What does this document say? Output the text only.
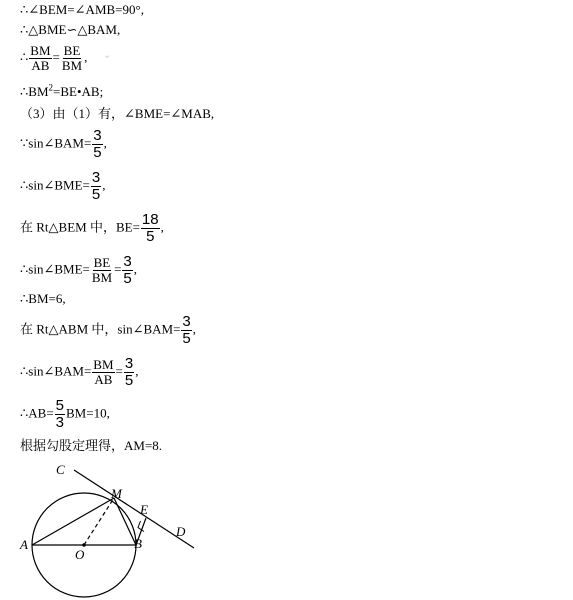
∴∠BEM=∠AMB=90°,
∴△BME∽△BAM,
∴ $\frac{BM}{AB} = \frac{BE}{BM}$ , ᵕ
$\therefore BM^2=BE•AB$;
（3）由（1）有，∠BME=∠MAB,
∵sin∠BAM= $\frac{3}{5}$ ,
∴sin∠BME= $\frac{3}{5}$ ,
在 Rt△BEM 中，$BE= \frac{18}{5}$ ,
∴sin∠BME= $\frac{BE}{BM} = \frac{3}{5}$ ,
∴BM=6,
在 Rt△ABM 中，sin∠BAM= $\frac{3}{5}$ ,
∴sin∠BAM= $\frac{BM}{AB} = \frac{3}{5}$ ,
∴AB= $\frac{5}{3} BM=10$,
根据勾股定理得，AM=8.
C
M
E
D
A
O
B
